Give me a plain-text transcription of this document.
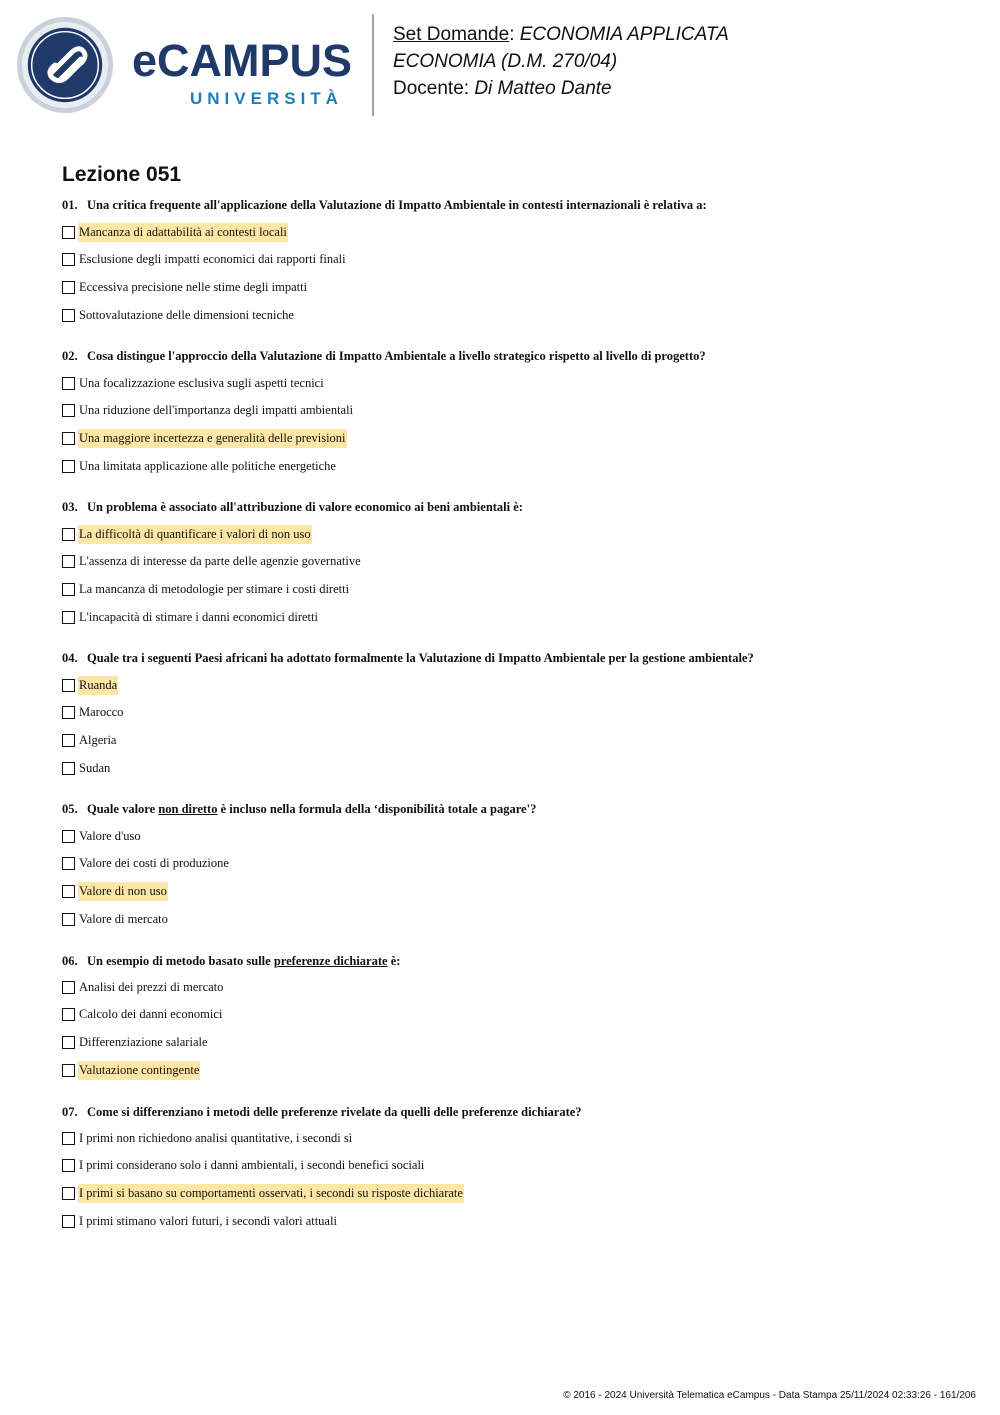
eCAMPUS
UNIVERSITÀ
Set Domande: ECONOMIA APPLICATA
ECONOMIA (D.M. 270/04)
Docente: Di Matteo Dante
Lezione 051
01. Una critica frequente all'applicazione della Valutazione di Impatto Ambientale in contesti internazionali è relativa a:
Mancanza di adattabilità ai contesti locali
Esclusione degli impatti economici dai rapporti finali
Eccessiva precisione nelle stime degli impatti
Sottovalutazione delle dimensioni tecniche
02. Cosa distingue l'approccio della Valutazione di Impatto Ambientale a livello strategico rispetto al livello di progetto?
Una focalizzazione esclusiva sugli aspetti tecnici
Una riduzione dell'importanza degli impatti ambientali
Una maggiore incertezza e generalità delle previsioni
Una limitata applicazione alle politiche energetiche
03. Un problema è associato all'attribuzione di valore economico ai beni ambientali è:
La difficoltà di quantificare i valori di non uso
L'assenza di interesse da parte delle agenzie governative
La mancanza di metodologie per stimare i costi diretti
L'incapacità di stimare i danni economici diretti
04. Quale tra i seguenti Paesi africani ha adottato formalmente la Valutazione di Impatto Ambientale per la gestione ambientale?
Ruanda
Marocco
Algeria
Sudan
05. Quale valore non diretto è incluso nella formula della ‘disponibilità totale a pagare'?
Valore d'uso
Valore dei costi di produzione
Valore di non uso
Valore di mercato
06. Un esempio di metodo basato sulle preferenze dichiarate è:
Analisi dei prezzi di mercato
Calcolo dei danni economici
Differenziazione salariale
Valutazione contingente
07. Come si differenziano i metodi delle preferenze rivelate da quelli delle preferenze dichiarate?
I primi non richiedono analisi quantitative, i secondi sì
I primi considerano solo i danni ambientali, i secondi benefici sociali
I primi si basano su comportamenti osservati, i secondi su risposte dichiarate
I primi stimano valori futuri, i secondi valori attuali
© 2016 - 2024 Università Telematica eCampus - Data Stampa 25/11/2024 02:33:26 - 161/206
